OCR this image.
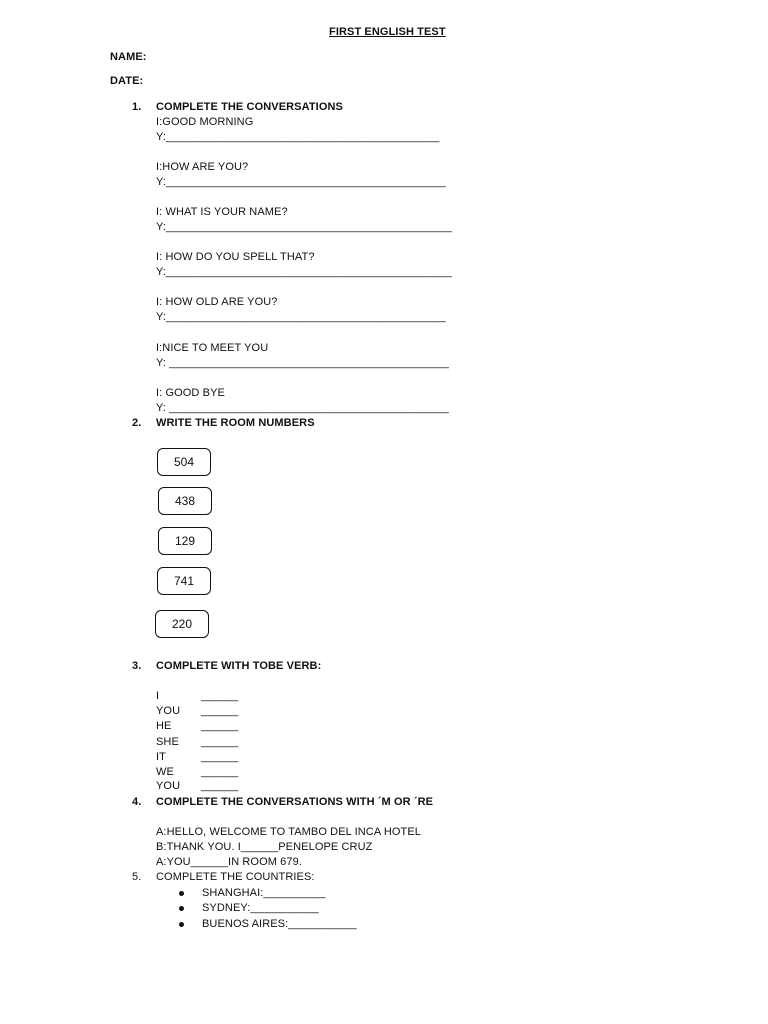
FIRST ENGLISH TEST
NAME:
DATE:
1. COMPLETE THE CONVERSATIONS
I:GOOD MORNING
Y:____________________________________________
I:HOW ARE YOU?
Y:_____________________________________________
I: WHAT IS YOUR NAME?
Y:______________________________________________
I: HOW DO YOU SPELL THAT?
Y:______________________________________________
I: HOW OLD ARE YOU?
Y:_____________________________________________
I:NICE TO MEET YOU
Y: _____________________________________________
I: GOOD BYE
Y: _____________________________________________
2. WRITE THE ROOM NUMBERS
504
438
129
741
220
3. COMPLETE WITH TOBE VERB:
I	______
YOU ______
HE	______
SHE ______
IT	______
WE ______
YOU ______
4. COMPLETE THE CONVERSATIONS WITH ´M OR ´RE
A:HELLO, WELCOME TO TAMBO DEL INCA HOTEL
B:THANK YOU. I______PENELOPE CRUZ
A:YOU______IN ROOM 679.
5. COMPLETE THE COUNTRIES:
SHANGHAI:__________
SYDNEY:___________
BUENOS AIRES:___________
